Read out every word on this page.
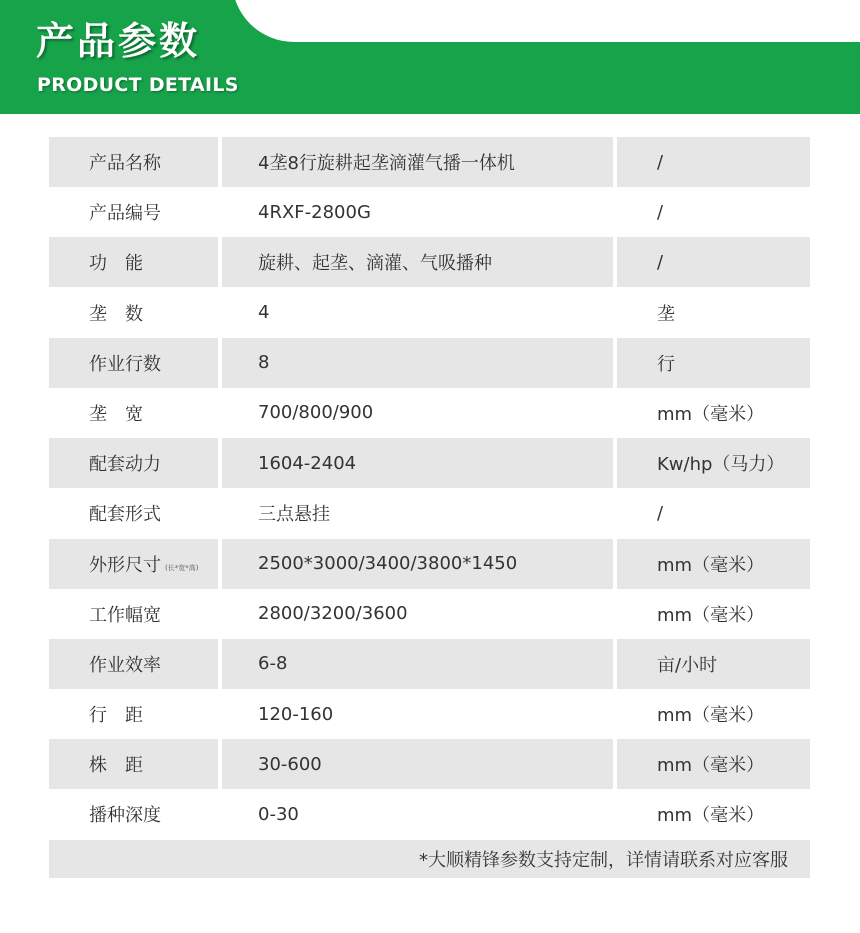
产品参数
PRODUCT DETAILS
产品名称	4垄8行旋耕起垄滴灌气播一体机	/
产品编号	4RXF-2800G	/
功　能	旋耕、起垄、滴灌、气吸播种	/
垄　数	4	垄
作业行数	8	行
垄　宽	700/800/900	mm（毫米）
配套动力	1604-2404	Kw/hp（马力）
配套形式	三点悬挂	/
外形尺寸 (长*宽*高)	2500*3000/3400/3800*1450	mm（毫米）
工作幅宽	2800/3200/3600	mm（毫米）
作业效率	6-8	亩/小时
行　距	120-160	mm（毫米）
株　距	30-600	mm（毫米）
播种深度	0-30	mm（毫米）
*大顺精锋参数支持定制，详情请联系对应客服
